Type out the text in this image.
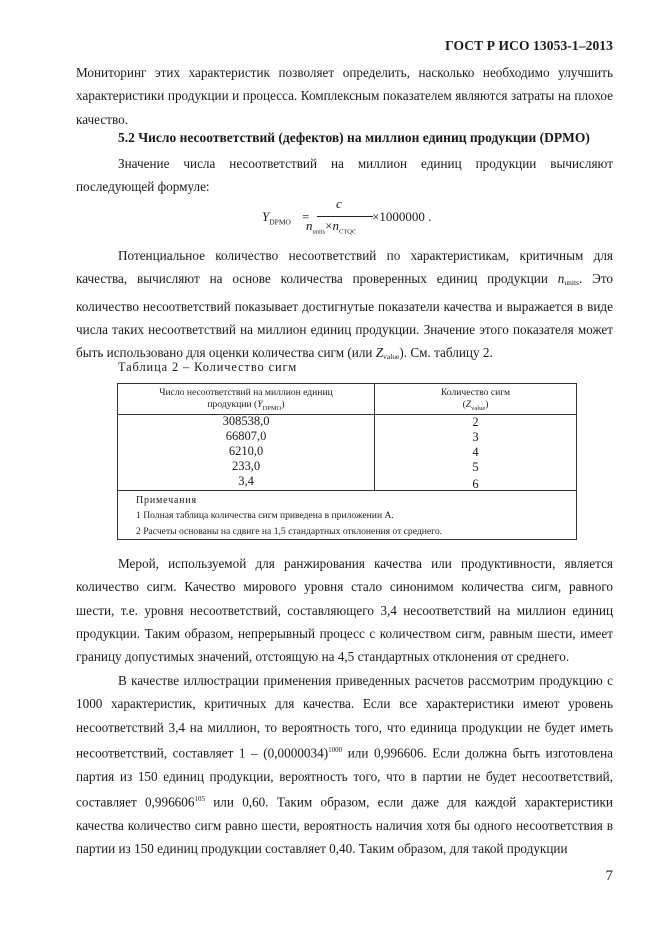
ГОСТ Р ИСО 13053-1–2013
Мониторинг этих характеристик позволяет определить, насколько необходимо улучшить характеристики продукции и процесса. Комплексным показателем являются затраты на плохое качество.
5.2 Число несоответствий (дефектов) на миллион единиц продукции (DPMO)
Значение числа несоответствий на миллион единиц продукции вычисляют последующей формуле:
$Y_{DPMO}$ =
c
$n_{units}\times n_{CTQC}$
×1000000 .
Потенциальное количество несоответствий по характеристикам, критичным для качества, вычисляют на основе количества проверенных единиц продукции nunits. Это количество несоответствий показывает достигнутые показатели качества и выражается в виде числа таких несоответствий на миллион единиц продукции. Значение этого показателя может быть использовано для оценки количества сигм (или Zvalue). См. таблицу 2.
Таблица 2 – Количество сигм
Число несоответствий на миллион единиц
продукции $(Y_{DPMO})$
Количество сигм
$(Z_{value})$
308538,0	2
66807,0	3
6210,0	4
233,0	5
3,4	6
Примечания
1 Полная таблица количества сигм приведена в приложении А.
2 Расчеты основаны на сдвиге на 1,5 стандартных отклонения от среднего.
Мерой, используемой для ранжирования качества или продуктивности, является количество сигм. Качество мирового уровня стало синонимом количества сигм, равного шести, т.е. уровня несоответствий, составляющего 3,4 несоответствий на миллион единиц продукции. Таким образом, непрерывный процесс с количеством сигм, равным шести, имеет границу допустимых значений, отстоящую на 4,5 стандартных отклонения от среднего.
В качестве иллюстрации применения приведенных расчетов рассмотрим продукцию с 1000 характеристик, критичных для качества. Если все характеристики имеют уровень несоответствий 3,4 на миллион, то вероятность того, что единица продукции не будет иметь несоответствий, составляет $1 - (0,0000034)^{1000}$ или 0,996606. Если должна быть изготовлена партия из 150 единиц продукции, вероятность того, что в партии не будет несоответствий, составляет 0,996606$^{105}$ или 0,60. Таким образом, если даже для каждой характеристики качества количество сигм равно шести, вероятность наличия хотя бы одного несоответствия в партии из 150 единиц продукции составляет 0,40. Таким образом, для такой продукции
7
